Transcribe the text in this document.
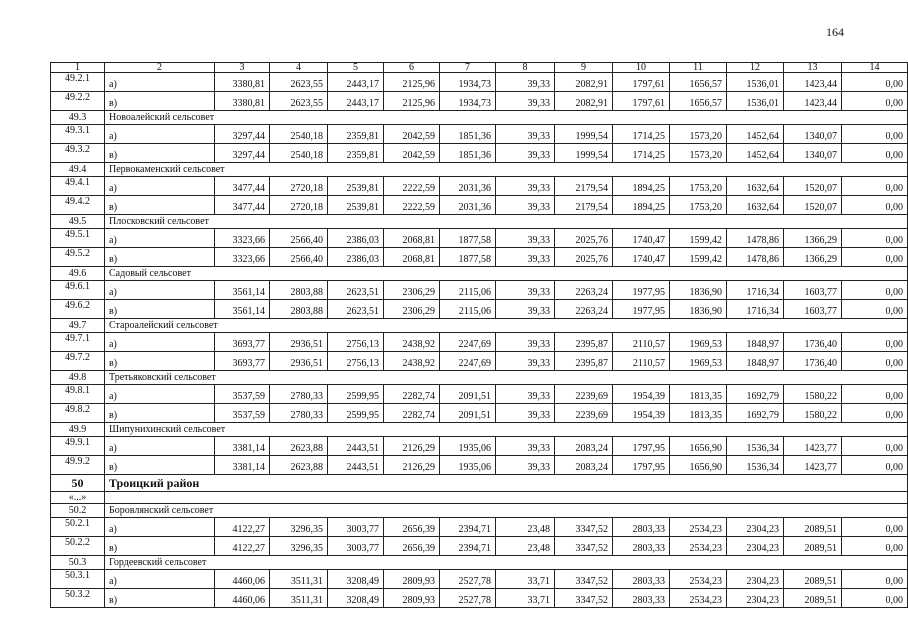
164
1	2	3	4	5	6	7	8	9	10	11	12	13	14
49.2.1	а)	3380,81	2623,55	2443,17	2125,96	1934,73	39,33	2082,91	1797,61	1656,57	1536,01	1423,44	0,00
49.2.2	в)	3380,81	2623,55	2443,17	2125,96	1934,73	39,33	2082,91	1797,61	1656,57	1536,01	1423,44	0,00
49.3	Новоалейский сельсовет												
49.3.1	а)	3297,44	2540,18	2359,81	2042,59	1851,36	39,33	1999,54	1714,25	1573,20	1452,64	1340,07	0,00
49.3.2	в)	3297,44	2540,18	2359,81	2042,59	1851,36	39,33	1999,54	1714,25	1573,20	1452,64	1340,07	0,00
49.4	Первокаменский сельсовет												
49.4.1	а)	3477,44	2720,18	2539,81	2222,59	2031,36	39,33	2179,54	1894,25	1753,20	1632,64	1520,07	0,00
49.4.2	в)	3477,44	2720,18	2539,81	2222,59	2031,36	39,33	2179,54	1894,25	1753,20	1632,64	1520,07	0,00
49.5	Плосковский сельсовет												
49.5.1	а)	3323,66	2566,40	2386,03	2068,81	1877,58	39,33	2025,76	1740,47	1599,42	1478,86	1366,29	0,00
49.5.2	в)	3323,66	2566,40	2386,03	2068,81	1877,58	39,33	2025,76	1740,47	1599,42	1478,86	1366,29	0,00
49.6	Садовый сельсовет												
49.6.1	а)	3561,14	2803,88	2623,51	2306,29	2115,06	39,33	2263,24	1977,95	1836,90	1716,34	1603,77	0,00
49.6.2	в)	3561,14	2803,88	2623,51	2306,29	2115,06	39,33	2263,24	1977,95	1836,90	1716,34	1603,77	0,00
49.7	Староалейский сельсовет												
49.7.1	а)	3693,77	2936,51	2756,13	2438,92	2247,69	39,33	2395,87	2110,57	1969,53	1848,97	1736,40	0,00
49.7.2	в)	3693,77	2936,51	2756,13	2438,92	2247,69	39,33	2395,87	2110,57	1969,53	1848,97	1736,40	0,00
49.8	Третьяковский сельсовет												
49.8.1	а)	3537,59	2780,33	2599,95	2282,74	2091,51	39,33	2239,69	1954,39	1813,35	1692,79	1580,22	0,00
49.8.2	в)	3537,59	2780,33	2599,95	2282,74	2091,51	39,33	2239,69	1954,39	1813,35	1692,79	1580,22	0,00
49.9	Шипунихинский сельсовет												
49.9.1	а)	3381,14	2623,88	2443,51	2126,29	1935,06	39,33	2083,24	1797,95	1656,90	1536,34	1423,77	0,00
49.9.2	в)	3381,14	2623,88	2443,51	2126,29	1935,06	39,33	2083,24	1797,95	1656,90	1536,34	1423,77	0,00
50	Троицкий район												
«...»													
50.2	Боровлянский сельсовет												
50.2.1	а)	4122,27	3296,35	3003,77	2656,39	2394,71	23,48	3347,52	2803,33	2534,23	2304,23	2089,51	0,00
50.2.2	в)	4122,27	3296,35	3003,77	2656,39	2394,71	23,48	3347,52	2803,33	2534,23	2304,23	2089,51	0,00
50.3	Гордеевский сельсовет												
50.3.1	а)	4460,06	3511,31	3208,49	2809,93	2527,78	33,71	3347,52	2803,33	2534,23	2304,23	2089,51	0,00
50.3.2	в)	4460,06	3511,31	3208,49	2809,93	2527,78	33,71	3347,52	2803,33	2534,23	2304,23	2089,51	0,00
